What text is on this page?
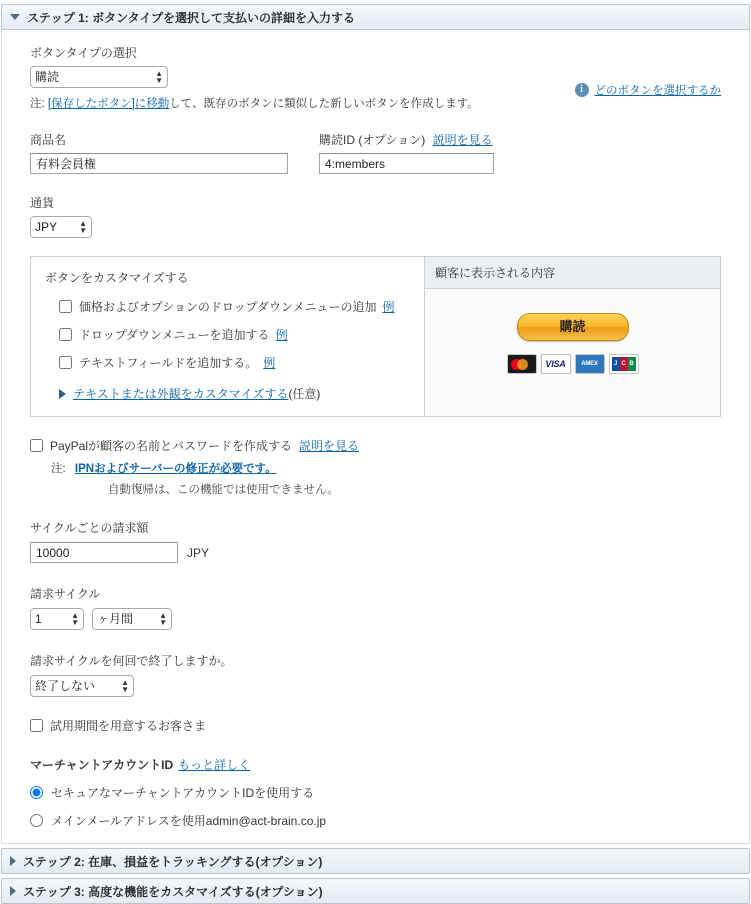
ステップ 1: ボタンタイプを選択して支払いの詳細を入力する
i	どのボタンを選択するか
ボタンタイプの選択
購読
▲
▼
注: [保存したボタン]に移動して、既存のボタンに類似した新しいボタンを作成します。
商品名
有料会員権	購読ID (オプション) 説明を見る
4:members
通貨
JPY
▲
▼
ボタンをカスタマイズする
価格およびオプションのドロップダウンメニューの追加 例
ドロップダウンメニューを追加する 例
テキストフィールドを追加する。 例
テキストまたは外観をカスタマイズする (任意)
顧客に表示される内容
購読
VISA	AMEX	J C B
PayPalが顧客の名前とパスワードを作成する 説明を見る
注: IPNおよびサーバーの修正が必要です。
自動復帰は、この機能では使用できません。
サイクルごとの請求額
10000
JPY
請求サイクル
1
▲
▼
ヶ月間
▲
▼
請求サイクルを何回で終了しますか。
終了しない
▲
▼
試用期間を用意するお客さま
マーチャントアカウントID もっと詳しく
セキュアなマーチャントアカウントIDを使用する
メインメールアドレスを使用admin@act-brain.co.jp
ステップ 2: 在庫、損益をトラッキングする(オプション)
ステップ 3: 高度な機能をカスタマイズする(オプション)
